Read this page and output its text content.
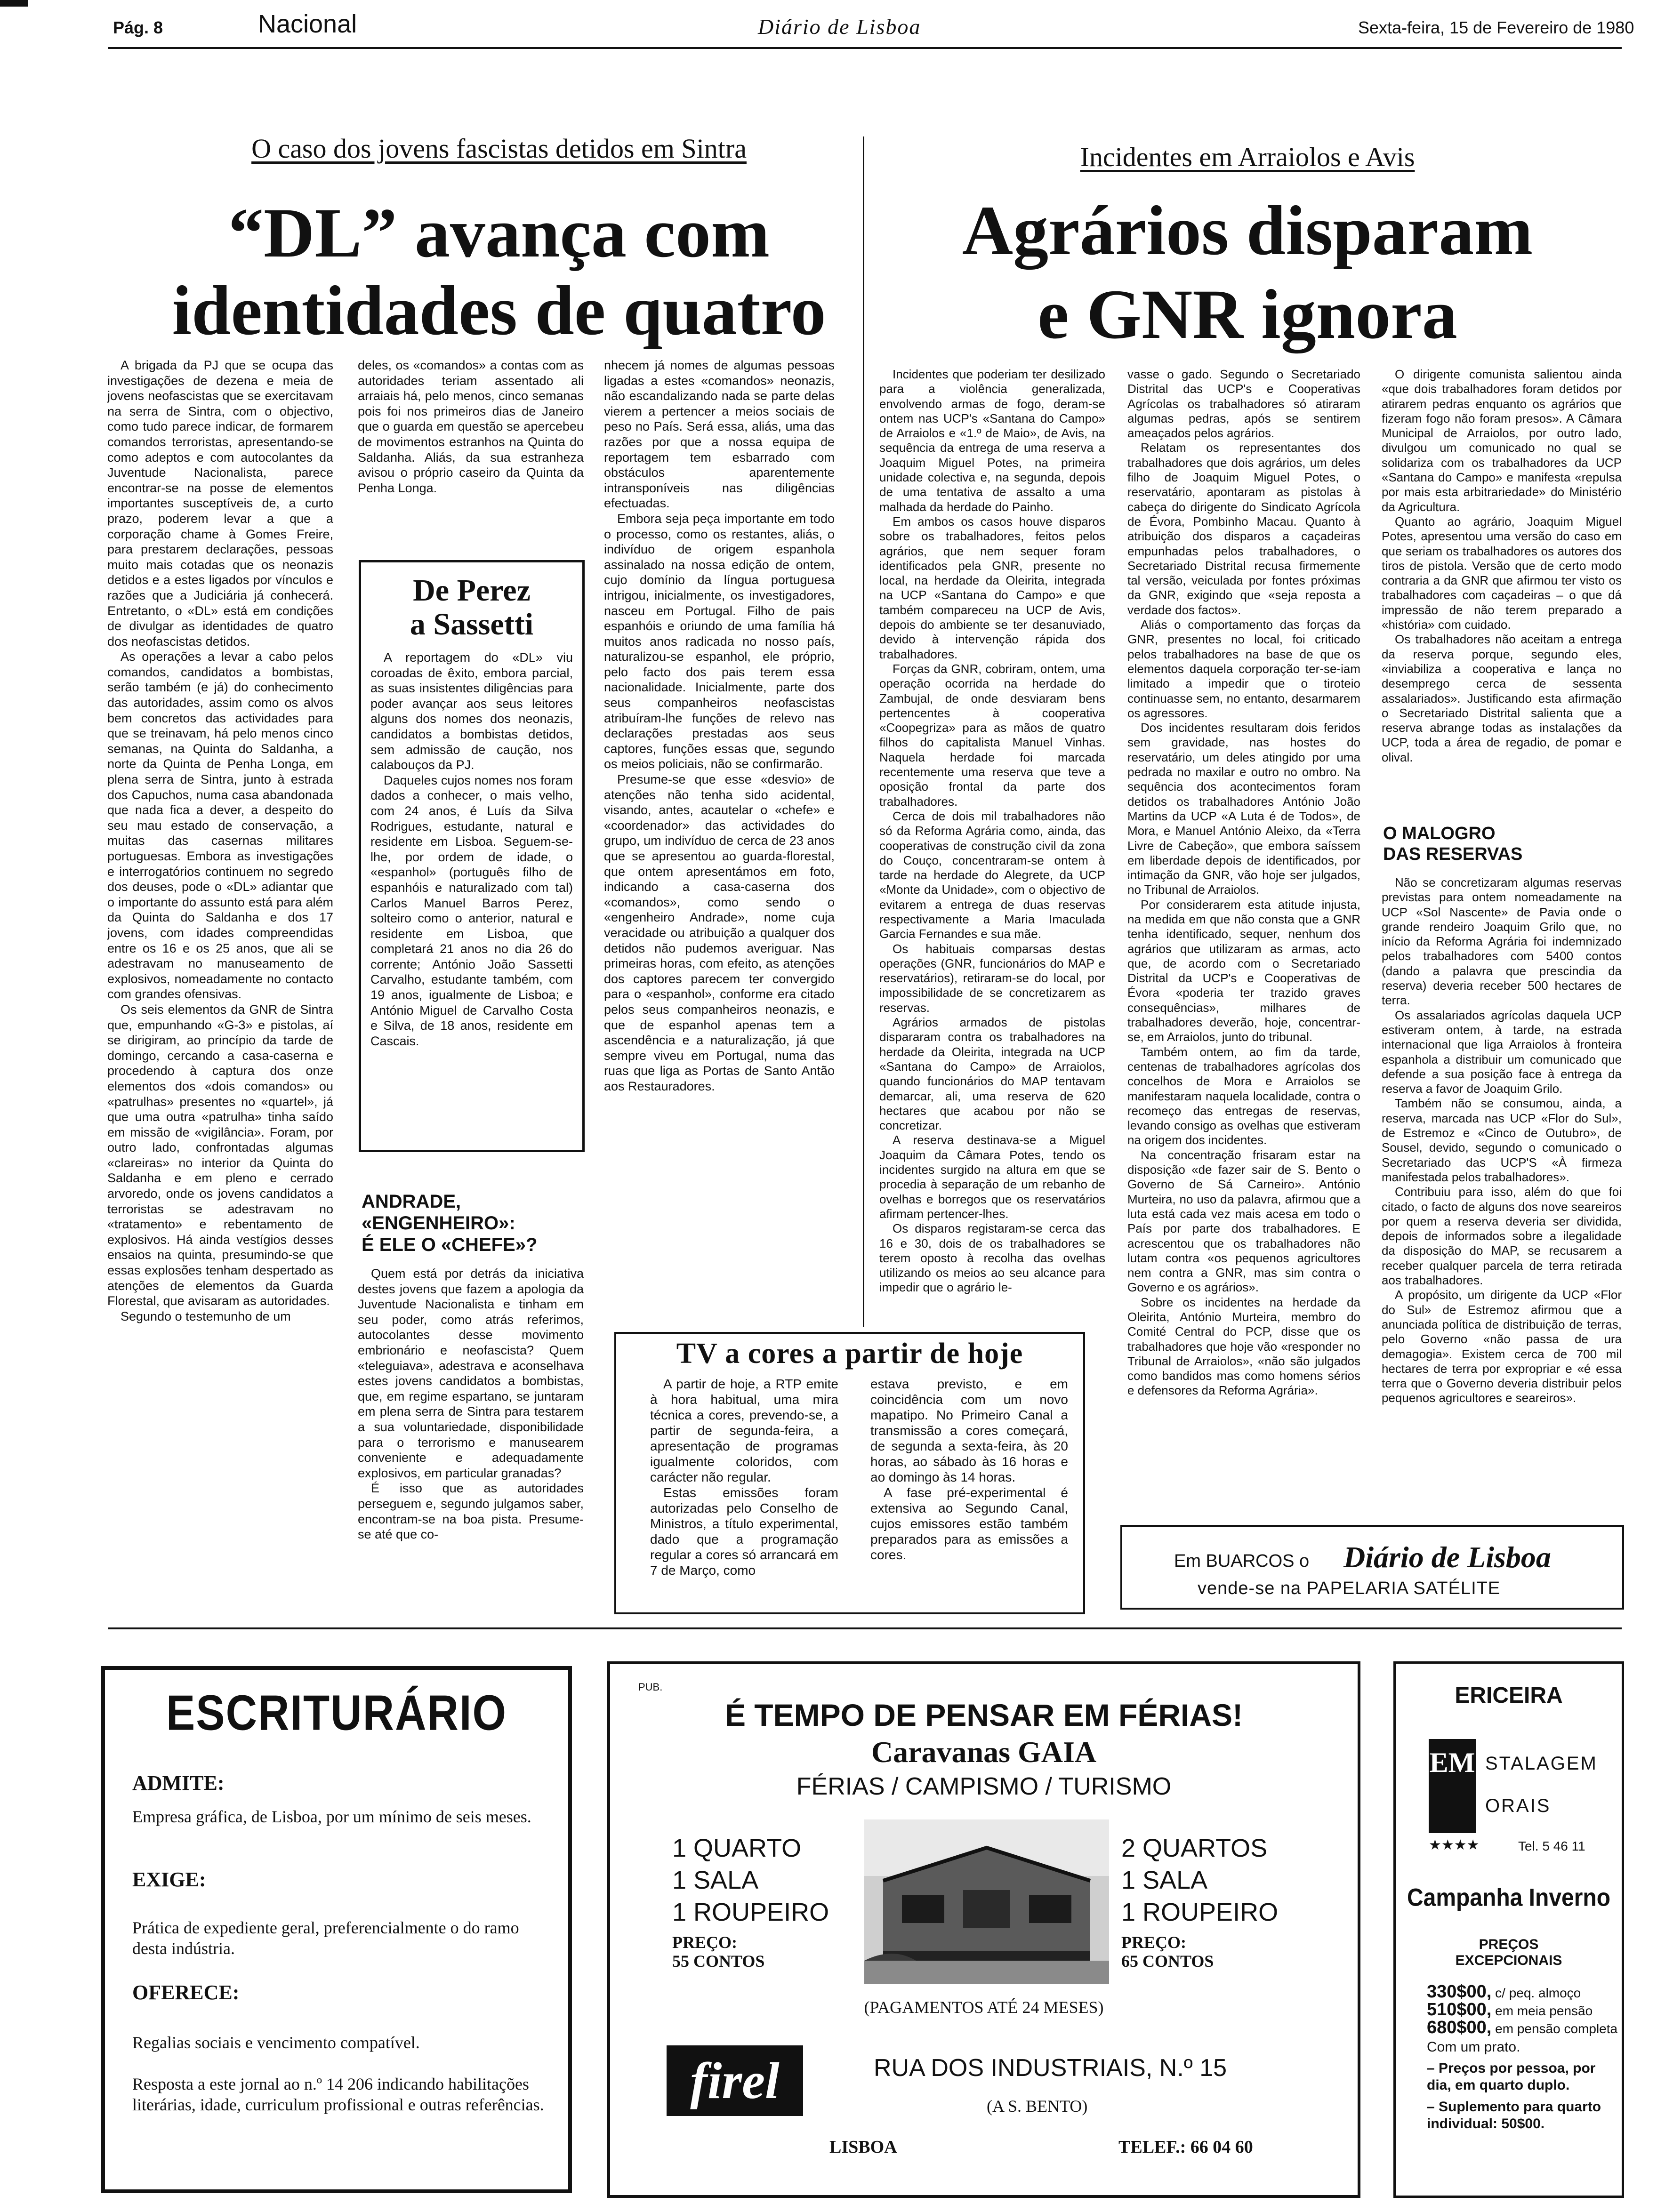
Pág. 8	Nacional	Diário de Lisboa	Sexta-feira, 15 de Fevereiro de 1980
O caso dos jovens fascistas detidos em Sintra
“DL” avança com
identidades de quatro

A brigada da PJ que se ocupa das investigações de dezena e meia de jovens neofascistas que se exercitavam na serra de Sintra, com o objectivo, como tudo parece indicar, de formarem comandos terroristas, apresentando-se como adeptos e com autocolantes da Juventude Nacionalista, parece encontrar-se na posse de elementos importantes susceptíveis de, a curto prazo, poderem levar a que a corporação chame à Gomes Freire, para prestarem declarações, pessoas muito mais cotadas que os neonazis detidos e a estes ligados por vínculos e razões que a Judiciária já conhecerá. Entretanto, o «DL» está em condições de divulgar as identidades de quatro dos neofascistas detidos.

As operações a levar a cabo pelos comandos, candidatos a bombistas, serão também (e já) do conhecimento das autoridades, assim como os alvos bem concretos das actividades para que se treinavam, há pelo menos cinco semanas, na Quinta do Saldanha, a norte da Quinta de Penha Longa, em plena serra de Sintra, junto à estrada dos Capuchos, numa casa abandonada que nada fica a dever, a despeito do seu mau estado de conservação, a muitas das casernas militares portuguesas. Embora as investigações e interrogatórios continuem no segredo dos deuses, pode o «DL» adiantar que o importante do assunto está para além da Quinta do Saldanha e dos 17 jovens, com idades compreendidas entre os 16 e os 25 anos, que ali se adestravam no manuseamento de explosivos, nomeadamente no contacto com grandes ofensivas.

Os seis elementos da GNR de Sintra que, empunhando «G-3» e pistolas, aí se dirigiram, ao princípio da tarde de domingo, cercando a casa-caserna e procedendo à captura dos onze elementos dos «dois comandos» ou «patrulhas» presentes no «quartel», já que uma outra «patrulha» tinha saído em missão de «vigilância». Foram, por outro lado, confrontadas algumas «clareiras» no interior da Quinta do Saldanha e em pleno e cerrado arvoredo, onde os jovens candidatos a terroristas se adestravam no «tratamento» e rebentamento de explosivos. Há ainda vestígios desses ensaios na quinta, presumindo-se que essas explosões tenham despertado as atenções de elementos da Guarda Florestal, que avisaram as autoridades.

Segundo o testemunho de um

deles, os «comandos» a contas com as autoridades teriam assentado ali arraiais há, pelo menos, cinco semanas pois foi nos primeiros dias de Janeiro que o guarda em questão se apercebeu de movimentos estranhos na Quinta do Saldanha. Aliás, da sua estranheza avisou o próprio caseiro da Quinta da Penha Longa.

De Perez
a Sassetti

A reportagem do «DL» viu coroadas de êxito, embora parcial, as suas insistentes diligências para poder avançar aos seus leitores alguns dos nomes dos neonazis, candidatos a bombistas detidos, sem admissão de caução, nos calabouços da PJ.

Daqueles cujos nomes nos foram dados a conhecer, o mais velho, com 24 anos, é Luís da Silva Rodrigues, estudante, natural e residente em Lisboa. Seguem-se-lhe, por ordem de idade, o «espanhol» (português filho de espanhóis e naturalizado com tal) Carlos Manuel Barros Perez, solteiro como o anterior, natural e residente em Lisboa, que completará 21 anos no dia 26 do corrente; António João Sassetti Carvalho, estudante também, com 19 anos, igualmente de Lisboa; e António Miguel de Carvalho Costa e Silva, de 18 anos, residente em Cascais.

ANDRADE,
«ENGENHEIRO»:
É ELE O «CHEFE»?

Quem está por detrás da iniciativa destes jovens que fazem a apologia da Juventude Nacionalista e tinham em seu poder, como atrás referimos, autocolantes desse movimento embrionário e neofascista? Quem «teleguiava», adestrava e aconselhava estes jovens candidatos a bombistas, que, em regime espartano, se juntaram em plena serra de Sintra para testarem a sua voluntariedade, disponibilidade para o terrorismo e manusearem conveniente e adequadamente explosivos, em particular granadas?

É isso que as autoridades perseguem e, segundo julgamos saber, encontram-se na boa pista. Presume-se até que co-

nhecem já nomes de algumas pessoas ligadas a estes «comandos» neonazis, não escandalizando nada se parte delas vierem a pertencer a meios sociais de peso no País. Será essa, aliás, uma das razões por que a nossa equipa de reportagem tem esbarrado com obstáculos aparentemente intransponíveis nas diligências efectuadas.

Embora seja peça importante em todo o processo, como os restantes, aliás, o indivíduo de origem espanhola assinalado na nossa edição de ontem, cujo domínio da língua portuguesa intrigou, inicialmente, os investigadores, nasceu em Portugal. Filho de pais espanhóis e oriundo de uma família há muitos anos radicada no nosso país, naturalizou-se espanhol, ele próprio, pelo facto dos pais terem essa nacionalidade. Inicialmente, parte dos seus companheiros neofascistas atribuíram-lhe funções de relevo nas declarações prestadas aos seus captores, funções essas que, segundo os meios policiais, não se confirmarão.

Presume-se que esse «desvio» de atenções não tenha sido acidental, visando, antes, acautelar o «chefe» e «coordenador» das actividades do grupo, um indivíduo de cerca de 23 anos que se apresentou ao guarda-florestal, que ontem apresentámos em foto, indicando a casa-caserna dos «comandos», como sendo o «engenheiro Andrade», nome cuja veracidade ou atribuição a qualquer dos detidos não pudemos averiguar. Nas primeiras horas, com efeito, as atenções dos captores parecem ter convergido para o «espanhol», conforme era citado pelos seus companheiros neonazis, e que de espanhol apenas tem a ascendência e a naturalização, já que sempre viveu em Portugal, numa das ruas que liga as Portas de Santo Antão aos Restauradores.

TV a cores a partir de hoje

A partir de hoje, a RTP emite à hora habitual, uma mira técnica a cores, prevendo-se, a partir de segunda-feira, a apresentação de programas igualmente coloridos, com carácter não regular.

Estas emissões foram autorizadas pelo Conselho de Ministros, a título experimental, dado que a programação regular a cores só arrancará em 7 de Março, como

estava previsto, e em coincidência com um novo mapatipo. No Primeiro Canal a transmissão a cores começará, de segunda a sexta-feira, às 20 horas, ao sábado às 16 horas e ao domingo às 14 horas.

A fase pré-experimental é extensiva ao Segundo Canal, cujos emissores estão também preparados para as emissões a cores.

Incidentes em Arraiolos e Avis
Agrários disparam
e GNR ignora

Incidentes que poderiam ter desilizado para a violência generalizada, envolvendo armas de fogo, deram-se ontem nas UCP's «Santana do Campo» de Arraiolos e «1.º de Maio», de Avis, na sequência da entrega de uma reserva a Joaquim Miguel Potes, na primeira unidade colectiva e, na segunda, depois de uma tentativa de assalto a uma malhada da herdade do Painho.

Em ambos os casos houve disparos sobre os trabalhadores, feitos pelos agrários, que nem sequer foram identificados pela GNR, presente no local, na herdade da Oleirita, integrada na UCP «Santana do Campo» e que também compareceu na UCP de Avis, depois do ambiente se ter desanuviado, devido à intervenção rápida dos trabalhadores.

Forças da GNR, cobriram, ontem, uma operação ocorrida na herdade do Zambujal, de onde desviaram bens pertencentes à cooperativa «Coopegriza» para as mãos de quatro filhos do capitalista Manuel Vinhas. Naquela herdade foi marcada recentemente uma reserva que teve a oposição frontal da parte dos trabalhadores.

Cerca de dois mil trabalhadores não só da Reforma Agrária como, ainda, das cooperativas de construção civil da zona do Couço, concentraram-se ontem à tarde na herdade do Alegrete, da UCP «Monte da Unidade», com o objectivo de evitarem a entrega de duas reservas respectivamente a Maria Imaculada Garcia Fernandes e sua mãe.

Os habituais comparsas destas operações (GNR, funcionários do MAP e reservatários), retiraram-se do local, por impossibilidade de se concretizarem as reservas.

Agrários armados de pistolas dispararam contra os trabalhadores na herdade da Oleirita, integrada na UCP «Santana do Campo» de Arraiolos, quando funcionários do MAP tentavam demarcar, ali, uma reserva de 620 hectares que acabou por não se concretizar.

A reserva destinava-se a Miguel Joaquim da Câmara Potes, tendo os incidentes surgido na altura em que se procedia à separação de um rebanho de ovelhas e borregos que os reservatários afirmam pertencer-lhes.

Os disparos registaram-se cerca das 16 e 30, dois de os trabalhadores se terem oposto à recolha das ovelhas utilizando os meios ao seu alcance para impedir que o agrário le-

vasse o gado. Segundo o Secretariado Distrital das UCP's e Cooperativas Agrícolas os trabalhadores só atiraram algumas pedras, após se sentirem ameaçados pelos agrários.

Relatam os representantes dos trabalhadores que dois agrários, um deles filho de Joaquim Miguel Potes, o reservatário, apontaram as pistolas à cabeça do dirigente do Sindicato Agrícola de Évora, Pombinho Macau. Quanto à atribuição dos disparos a caçadeiras empunhadas pelos trabalhadores, o Secretariado Distrital recusa firmemente tal versão, veiculada por fontes próximas da GNR, exigindo que «seja reposta a verdade dos factos».

Aliás o comportamento das forças da GNR, presentes no local, foi criticado pelos trabalhadores na base de que os elementos daquela corporação ter-se-iam limitado a impedir que o tiroteio continuasse sem, no entanto, desarmarem os agressores.

Dos incidentes resultaram dois feridos sem gravidade, nas hostes do reservatário, um deles atingido por uma pedrada no maxilar e outro no ombro. Na sequência dos acontecimentos foram detidos os trabalhadores António João Martins da UCP «A Luta é de Todos», de Mora, e Manuel António Aleixo, da «Terra Livre de Cabeção», que embora saíssem em liberdade depois de identificados, por intimação da GNR, vão hoje ser julgados, no Tribunal de Arraiolos.

Por considerarem esta atitude injusta, na medida em que não consta que a GNR tenha identificado, sequer, nenhum dos agrários que utilizaram as armas, acto que, de acordo com o Secretariado Distrital da UCP's e Cooperativas de Évora «poderia ter trazido graves consequências», milhares de trabalhadores deverão, hoje, concentrar-se, em Arraiolos, junto do tribunal.

Também ontem, ao fim da tarde, centenas de trabalhadores agrícolas dos concelhos de Mora e Arraiolos se manifestaram naquela localidade, contra o recomeço das entregas de reservas, levando consigo as ovelhas que estiveram na origem dos incidentes.

Na concentração frisaram estar na disposição «de fazer sair de S. Bento o Governo de Sá Carneiro». António Murteira, no uso da palavra, afirmou que a luta está cada vez mais acesa em todo o País por parte dos trabalhadores. E acrescentou que os trabalhadores não lutam contra «os pequenos agricultores nem contra a GNR, mas sim contra o Governo e os agrários».

Sobre os incidentes na herdade da Oleirita, António Murteira, membro do Comité Central do PCP, disse que os trabalhadores que hoje vão «responder no Tribunal de Arraiolos», «não são julgados como bandidos mas como homens sérios e defensores da Reforma Agrária».

O dirigente comunista salientou ainda «que dois trabalhadores foram detidos por atirarem pedras enquanto os agrários que fizeram fogo não foram presos». A Câmara Municipal de Arraiolos, por outro lado, divulgou um comunicado no qual se solidariza com os trabalhadores da UCP «Santana do Campo» e manifesta «repulsa por mais esta arbitrariedade» do Ministério da Agricultura.

Quanto ao agrário, Joaquim Miguel Potes, apresentou uma versão do caso em que seriam os trabalhadores os autores dos tiros de pistola. Versão que de certo modo contraria a da GNR que afirmou ter visto os trabalhadores com caçadeiras – o que dá impressão de não terem preparado a «história» com cuidado.

Os trabalhadores não aceitam a entrega da reserva porque, segundo eles, «inviabiliza a cooperativa e lança no desemprego cerca de sessenta assalariados». Justificando esta afirmação o Secretariado Distrital salienta que a reserva abrange todas as instalações da UCP, toda a área de regadio, de pomar e olival.

O MALOGRO
DAS RESERVAS

Não se concretizaram algumas reservas previstas para ontem nomeadamente na UCP «Sol Nascente» de Pavia onde o grande rendeiro Joaquim Grilo que, no início da Reforma Agrária foi indemnizado pelos trabalhadores com 5400 contos (dando a palavra que prescindia da reserva) deveria receber 500 hectares de terra.

Os assalariados agrícolas daquela UCP estiveram ontem, à tarde, na estrada internacional que liga Arraiolos à fronteira espanhola a distribuir um comunicado que defende a sua posição face à entrega da reserva a favor de Joaquim Grilo.

Também não se consumou, ainda, a reserva, marcada nas UCP «Flor do Sul», de Estremoz e «Cinco de Outubro», de Sousel, devido, segundo o comunicado o Secretariado das UCP'S «À firmeza manifestada pelos trabalhadores».

Contribuiu para isso, além do que foi citado, o facto de alguns dos nove seareiros por quem a reserva deveria ser dividida, depois de informados sobre a ilegalidade da disposição do MAP, se recusarem a receber qualquer parcela de terra retirada aos trabalhadores.

A propósito, um dirigente da UCP «Flor do Sul» de Estremoz afirmou que a anunciada política de distribuição de terras, pelo Governo «não passa de ura demagogia». Existem cerca de 700 mil hectares de terra por expropriar e «é essa terra que o Governo deveria distribuir pelos pequenos agricultores e seareiros».

Em BUARCOS o Diário de Lisboa
vende-se na PAPELARIA SATÉLITE
ESCRITURÁRIO
ADMITE:
Empresa gráfica, de Lisboa, por um mínimo de seis meses.
EXIGE:
Prática de expediente geral, preferencialmente o do ramo desta indústria.
OFERECE:
Regalias sociais e vencimento compatível.
Resposta a este jornal ao n.º 14 206 indicando habilitações literárias, idade, curriculum profissional e outras referências.
PUB.
É TEMPO DE PENSAR EM FÉRIAS!
Caravanas GAIA
FÉRIAS / CAMPISMO / TURISMO
1 QUARTO
1 SALA
1 ROUPEIRO
PREÇO:
55 CONTOS
2 QUARTOS
1 SALA
1 ROUPEIRO
PREÇO:
65 CONTOS
(PAGAMENTOS ATÉ 24 MESES)
firel	RUA DOS INDUSTRIAIS, N.º 15
(A S. BENTO)
LISBOA	TELEF.: 66 04 60
ERICEIRA
EM STALAGEM
ORAIS
★★★★	Tel. 5 46 11
Campanha Inverno
PREÇOS
EXCEPCIONAIS
330$00, c/ peq. almoço
510$00, em meia pensão
680$00, em pensão completa
Com um prato.
– Preços por pessoa, por dia, em quarto duplo.
– Suplemento para quarto individual: 50$00.
